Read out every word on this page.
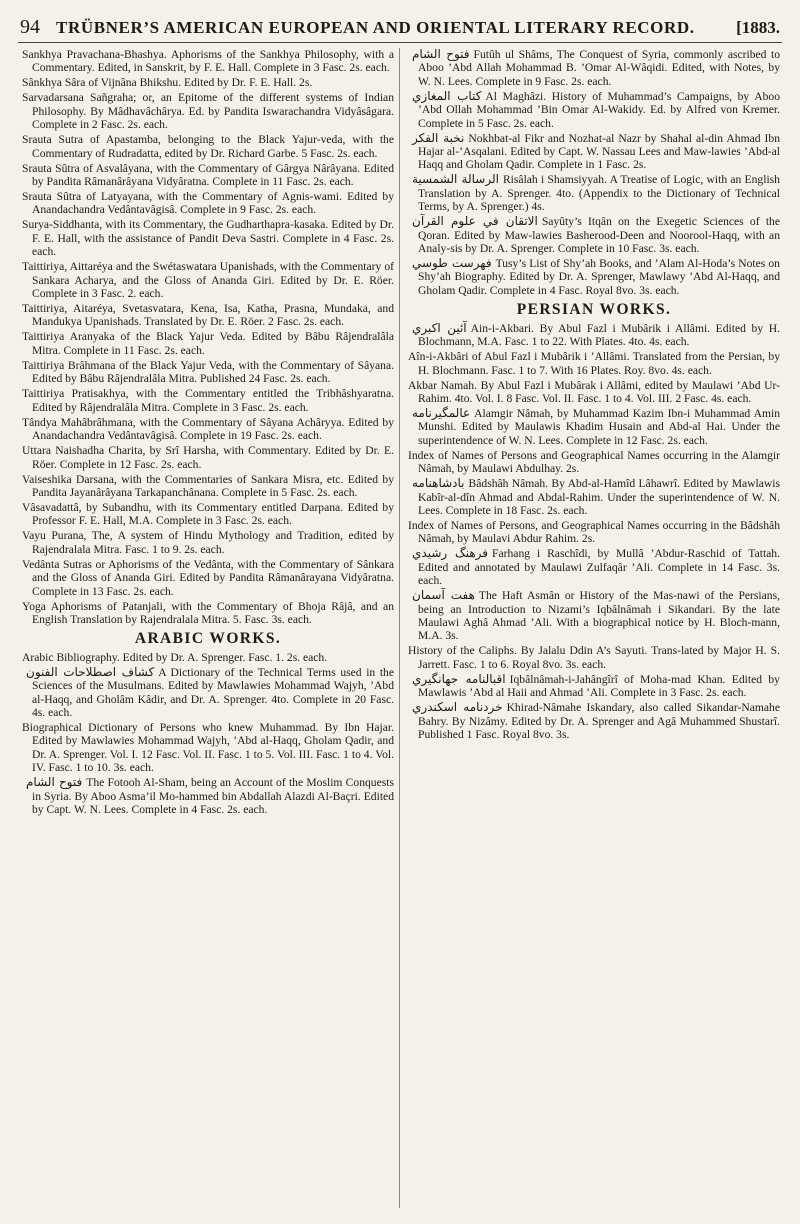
94 TRÜBNER’S AMERICAN EUROPEAN AND ORIENTAL LITERARY RECORD. [1883.

Sankhya Pravachana-Bhashya. Aphorisms of the Sankhya Philosophy, with a Commentary. Edited, in Sanskrit, by F. E. Hall. Complete in 3 Fasc. 2s. each.

Sânkhya Sâra of Vijnâna Bhikshu. Edited by Dr. F. E. Hall. 2s.

Sarvadarsana Sañgraha; or, an Epitome of the different systems of Indian Philosophy. By Mâdhavâchârya. Ed. by Pandita Iswarachandra Vidyâsâgara. Complete in 2 Fasc. 2s. each.

Srauta Sutra of Apastamba, belonging to the Black Yajur-veda, with the Commentary of Rudradatta, edited by Dr. Richard Garbe. 5 Fasc. 2s. each.

Srauta Sûtra of Asvalâyana, with the Commentary of Gârgya Nârâyana. Edited by Pandita Râmanârâyana Vidyâratna. Complete in 11 Fasc. 2s. each.

Srauta Sûtra of Latyayana, with the Commentary of Agnis-wami. Edited by Anandachandra Vedântavâgisâ. Complete in 9 Fasc. 2s. each.

Surya-Siddhanta, with its Commentary, the Gudharthapra-kasaka. Edited by Dr. F. E. Hall, with the assistance of Pandit Deva Sastri. Complete in 4 Fasc. 2s. each.

Taittiriya, Aittaréya and the Swétaswatara Upanishads, with the Commentary of Sankara Acharya, and the Gloss of Ananda Giri. Edited by Dr. E. Röer. Complete in 3 Fasc. 2. each.

Taittiriya, Aitaréya, Svetasvatara, Kena, Isa, Katha, Prasna, Mundaka, and Mandukya Upanishads. Translated by Dr. E. Röer. 2 Fasc. 2s. each.

Taittiriya Aranyaka of the Black Yajur Veda. Edited by Bâbu Râjendralâla Mitra. Complete in 11 Fasc. 2s. each.

Taittiriya Brâhmana of the Black Yajur Veda, with the Commentary of Sâyana. Edited by Bâbu Râjendralâla Mitra. Published 24 Fasc. 2s. each.

Taittiriya Pratisakhya, with the Commentary entitled the Tribhâshyaratna. Edited by Râjendralâla Mitra. Complete in 3 Fasc. 2s. each.

Tândya Mahâbrâhmana, with the Commentary of Sâyana Achâryya. Edited by Anandachandra Vedântavâgisâ. Complete in 19 Fasc. 2s. each.

Uttara Naishadha Charita, by Srî Harsha, with Commentary. Edited by Dr. E. Röer. Complete in 12 Fasc. 2s. each.

Vaiseshika Darsana, with the Commentaries of Sankara Misra, etc. Edited by Pandita Jayanârâyana Tarkapanchânana. Complete in 5 Fasc. 2s. each.

Vâsavadattâ, by Subandhu, with its Commentary entitled Darpana. Edited by Professor F. E. Hall, M.A. Complete in 3 Fasc. 2s. each.

Vayu Purana, The, A system of Hindu Mythology and Tradition, edited by Rajendralala Mitra. Fasc. 1 to 9. 2s. each.

Vedânta Sutras or Aphorisms of the Vedânta, with the Commentary of Sânkara and the Gloss of Ananda Giri. Edited by Pandita Râmanârayana Vidyâratna. Complete in 13 Fasc. 2s. each.

Yoga Aphorisms of Patanjali, with the Commentary of Bhoja Râjâ, and an English Translation by Rajendralala Mitra. 5. Fasc. 3s. each.

ARABIC WORKS.

Arabic Bibliography. Edited by Dr. A. Sprenger. Fasc. 1. 2s. each.

كشاف اصطلاحات الفنون A Dictionary of the Technical Terms used in the Sciences of the Musulmans. Edited by Mawlawies Mohammad Wajyh, ’Abd al-Haqq, and Gholâm Kâdir, and Dr. A. Sprenger. 4to. Complete in 20 Fasc. 4s. each.

Biographical Dictionary of Persons who knew Muhammad. By Ibn Hajar. Edited by Mawlawies Mohammad Wajyh, ’Abd al-Haqq, Gholam Qadir, and Dr. A. Sprenger. Vol. I. 12 Fasc. Vol. II. Fasc. 1 to 5. Vol. III. Fasc. 1 to 4. Vol. IV. Fasc. 1 to 10. 3s. each.

فتوح الشام The Fotooh Al-Sham, being an Account of the Moslim Conquests in Syria. By Aboo Asma’il Mo-hammed bin Abdallah Alazdi Al-Baçri. Edited by Capt. W. N. Lees. Complete in 4 Fasc. 2s. each.

فتوح الشام Futûh ul Shâms, The Conquest of Syria, commonly ascribed to Aboo ’Abd Allah Mohammad B. ’Omar Al-Wâqidi. Edited, with Notes, by W. N. Lees. Complete in 9 Fasc. 2s. each.

كتاب المغازي Al Maghâzi. History of Muhammad’s Campaigns, by Aboo ’Abd Ollah Mohammad ’Bin Omar Al-Wakidy. Ed. by Alfred von Kremer. Complete in 5 Fasc. 2s. each.

نخبة الفكر Nokhbat-al Fikr and Nozhat-al Nazr by Shahal al-din Ahmad Ibn Hajar al-’Asqalani. Edited by Capt. W. Nassau Lees and Maw-lawies ’Abd-al Haqq and Gholam Qadir. Complete in 1 Fasc. 2s.

الرسالة الشمسية Risâlah i Shamsiyyah. A Treatise of Logic, with an English Translation by A. Sprenger. 4to. (Appendix to the Dictionary of Technical Terms, by A. Sprenger.) 4s.

الاتقان في علوم القرآن Sayûty’s Itqân on the Exegetic Sciences of the Qoran. Edited by Maw-lawies Basherood-Deen and Noorool-Haqq, with an Analy-sis by Dr. A. Sprenger. Complete in 10 Fasc. 3s. each.

فهرست طوسي Tusy’s List of Shy’ah Books, and ’Alam Al-Hoda’s Notes on Shy’ah Biography. Edited by Dr. A. Sprenger, Mawlawy ’Abd Al-Haqq, and Gholam Qadir. Complete in 4 Fasc. Royal 8vo. 3s. each.

PERSIAN WORKS.

آئين اكبري Ain-i-Akbari. By Abul Fazl i Mubârik i Allâmi. Edited by H. Blochmann, M.A. Fasc. 1 to 22. With Plates. 4to. 4s. each.

Aîn-i-Akbâri of Abul Fazl i Mubârik i ’Allâmi. Translated from the Persian, by H. Blochmann. Fasc. 1 to 7. With 16 Plates. Roy. 8vo. 4s. each.

Akbar Namah. By Abul Fazl i Mubârak i Allâmi, edited by Maulawi ’Abd Ur-Rahim. 4to. Vol. I. 8 Fasc. Vol. II. Fasc. 1 to 4. Vol. III. 2 Fasc. 4s. each.

عالمگيرنامه Alamgir Nâmah, by Muhammad Kazim Ibn-i Muhammad Amin Munshi. Edited by Maulawis Khadim Husain and Abd-al Hai. Under the superintendence of W. N. Lees. Complete in 12 Fasc. 2s. each.

Index of Names of Persons and Geographical Names occurring in the Alamgir Nâmah, by Maulawi Abdulhay. 2s.

بادشاهنامه Bâdshâh Nâmah. By Abd-al-Hamîd Lâhawrî. Edited by Mawlawis Kabîr-al-dîn Ahmad and Abdal-Rahim. Under the superintendence of W. N. Lees. Complete in 18 Fasc. 2s. each.

Index of Names of Persons, and Geographical Names occurring in the Bâdshâh Nâmah, by Maulavi Abdur Rahim. 2s.

فرهنگ رشيدي Farhang i Raschîdi, by Mullâ ’Abdur-Raschid of Tattah. Edited and annotated by Maulawi Zulfaqâr ’Ali. Complete in 14 Fasc. 3s. each.

هفت آسمان The Haft Asmân or History of the Mas-nawi of the Persians, being an Introduction to Nizami’s Iqbâlnâmah i Sikandari. By the late Maulawi Aghâ Ahmad ’Ali. With a biographical notice by H. Bloch-mann, M.A. 3s.

History of the Caliphs. By Jalalu Ddin A’s Sayuti. Trans-lated by Major H. S. Jarrett. Fasc. 1 to 6. Royal 8vo. 3s. each.

اقبالنامه جهانگيري Iqbâlnâmah-i-Jahângîrî of Moha-mad Khan. Edited by Mawlawis ’Abd al Haii and Ahmad ’Ali. Complete in 3 Fasc. 2s. each.

خردنامه اسكندري Khirad-Nâmahe Iskandary, also called Sikandar-Namahe Bahry. By Nizâmy. Edited by Dr. A. Sprenger and Agâ Muhammed Shustarî. Published 1 Fasc. Royal 8vo. 3s.
